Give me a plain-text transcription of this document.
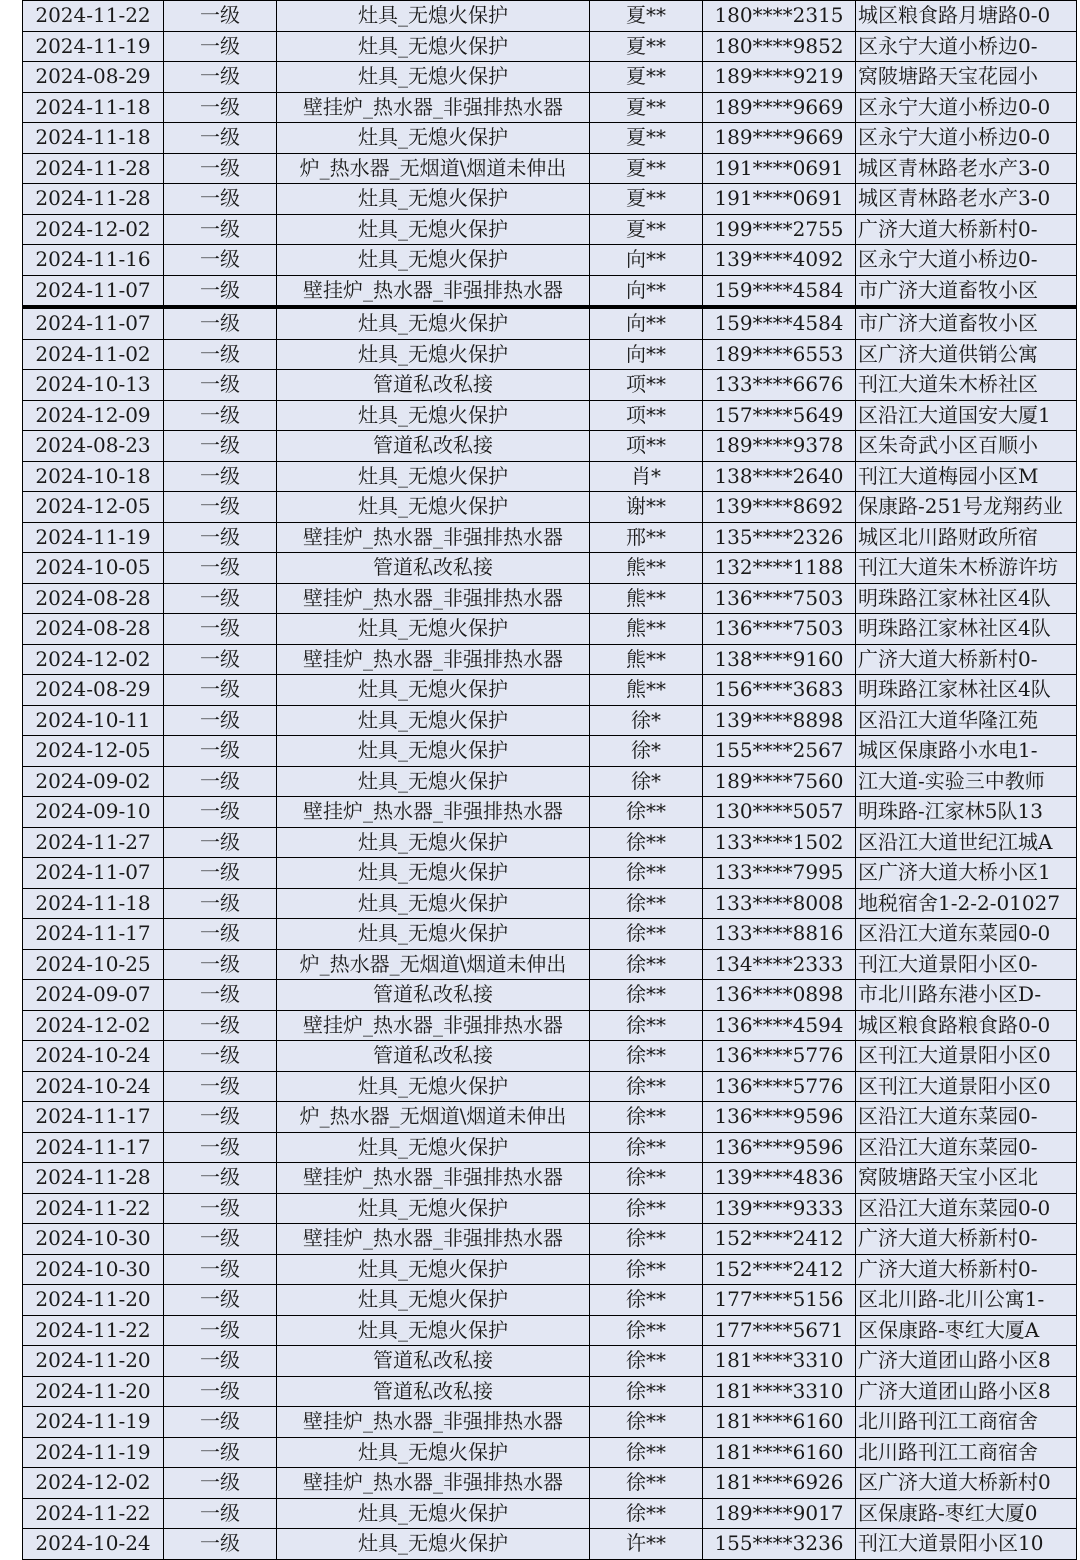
2024-11-22	一级	灶具_无熄火保护	夏**	180****2315	城区粮食路月塘路0-0
2024-11-19	一级	灶具_无熄火保护	夏**	180****9852	区永宁大道小桥边0-
2024-08-29	一级	灶具_无熄火保护	夏**	189****9219	窝陂塘路天宝花园小
2024-11-18	一级	壁挂炉_热水器_非强排热水器	夏**	189****9669	区永宁大道小桥边0-0
2024-11-18	一级	灶具_无熄火保护	夏**	189****9669	区永宁大道小桥边0-0
2024-11-28	一级	炉_热水器_无烟道\烟道未伸出	夏**	191****0691	城区青林路老水产3-0
2024-11-28	一级	灶具_无熄火保护	夏**	191****0691	城区青林路老水产3-0
2024-12-02	一级	灶具_无熄火保护	夏**	199****2755	广济大道大桥新村0-
2024-11-16	一级	灶具_无熄火保护	向**	139****4092	区永宁大道小桥边0-
2024-11-07	一级	壁挂炉_热水器_非强排热水器	向**	159****4584	市广济大道畜牧小区
2024-11-07	一级	灶具_无熄火保护	向**	159****4584	市广济大道畜牧小区
2024-11-02	一级	灶具_无熄火保护	向**	189****6553	区广济大道供销公寓
2024-10-13	一级	管道私改私接	项**	133****6676	刊江大道朱木桥社区
2024-12-09	一级	灶具_无熄火保护	项**	157****5649	区沿江大道国安大厦1
2024-08-23	一级	管道私改私接	项**	189****9378	区朱奇武小区百顺小
2024-10-18	一级	灶具_无熄火保护	肖*	138****2640	刊江大道梅园小区M
2024-12-05	一级	灶具_无熄火保护	谢**	139****8692	保康路-251号龙翔药业
2024-11-19	一级	壁挂炉_热水器_非强排热水器	邢**	135****2326	城区北川路财政所宿
2024-10-05	一级	管道私改私接	熊**	132****1188	刊江大道朱木桥游许坊
2024-08-28	一级	壁挂炉_热水器_非强排热水器	熊**	136****7503	明珠路江家林社区4队
2024-08-28	一级	灶具_无熄火保护	熊**	136****7503	明珠路江家林社区4队
2024-12-02	一级	壁挂炉_热水器_非强排热水器	熊**	138****9160	广济大道大桥新村0-
2024-08-29	一级	灶具_无熄火保护	熊**	156****3683	明珠路江家林社区4队
2024-10-11	一级	灶具_无熄火保护	徐*	139****8898	区沿江大道华隆江苑
2024-12-05	一级	灶具_无熄火保护	徐*	155****2567	城区保康路小水电1-
2024-09-02	一级	灶具_无熄火保护	徐*	189****7560	江大道-实验三中教师
2024-09-10	一级	壁挂炉_热水器_非强排热水器	徐**	130****5057	明珠路-江家林5队13
2024-11-27	一级	灶具_无熄火保护	徐**	133****1502	区沿江大道世纪江城A
2024-11-07	一级	灶具_无熄火保护	徐**	133****7995	区广济大道大桥小区1
2024-11-18	一级	灶具_无熄火保护	徐**	133****8008	地税宿舍1-2-2-01027
2024-11-17	一级	灶具_无熄火保护	徐**	133****8816	区沿江大道东菜园0-0
2024-10-25	一级	炉_热水器_无烟道\烟道未伸出	徐**	134****2333	刊江大道景阳小区0-
2024-09-07	一级	管道私改私接	徐**	136****0898	市北川路东港小区D-
2024-12-02	一级	壁挂炉_热水器_非强排热水器	徐**	136****4594	城区粮食路粮食路0-0
2024-10-24	一级	管道私改私接	徐**	136****5776	区刊江大道景阳小区0
2024-10-24	一级	灶具_无熄火保护	徐**	136****5776	区刊江大道景阳小区0
2024-11-17	一级	炉_热水器_无烟道\烟道未伸出	徐**	136****9596	区沿江大道东菜园0-
2024-11-17	一级	灶具_无熄火保护	徐**	136****9596	区沿江大道东菜园0-
2024-11-28	一级	壁挂炉_热水器_非强排热水器	徐**	139****4836	窝陂塘路天宝小区北
2024-11-22	一级	灶具_无熄火保护	徐**	139****9333	区沿江大道东菜园0-0
2024-10-30	一级	壁挂炉_热水器_非强排热水器	徐**	152****2412	广济大道大桥新村0-
2024-10-30	一级	灶具_无熄火保护	徐**	152****2412	广济大道大桥新村0-
2024-11-20	一级	灶具_无熄火保护	徐**	177****5156	区北川路-北川公寓1-
2024-11-22	一级	灶具_无熄火保护	徐**	177****5671	区保康路-枣红大厦A
2024-11-20	一级	管道私改私接	徐**	181****3310	广济大道团山路小区8
2024-11-20	一级	管道私改私接	徐**	181****3310	广济大道团山路小区8
2024-11-19	一级	壁挂炉_热水器_非强排热水器	徐**	181****6160	北川路刊江工商宿舍
2024-11-19	一级	灶具_无熄火保护	徐**	181****6160	北川路刊江工商宿舍
2024-12-02	一级	壁挂炉_热水器_非强排热水器	徐**	181****6926	区广济大道大桥新村0
2024-11-22	一级	灶具_无熄火保护	徐**	189****9017	区保康路-枣红大厦0
2024-10-24	一级	灶具_无熄火保护	许**	155****3236	刊江大道景阳小区10
